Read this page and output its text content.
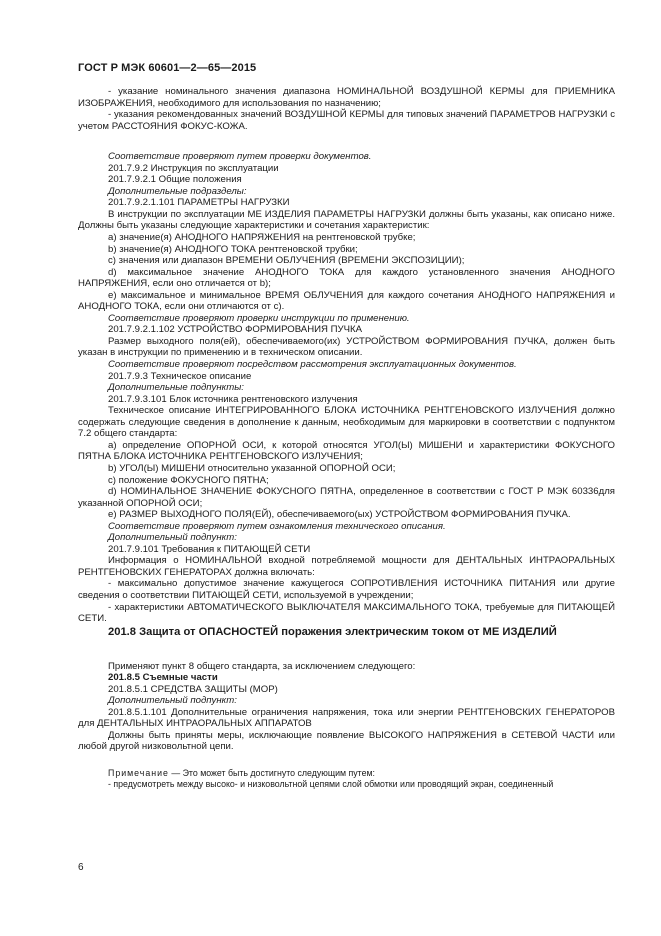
ГОСТ Р МЭК 60601—2—65—2015

- указание номинального значения диапазона НОМИНАЛЬНОЙ ВОЗДУШНОЙ КЕРМЫ для ПРИЕМНИКА ИЗОБРАЖЕНИЯ, необходимого для использования по назначению;

- указания рекомендованных значений ВОЗДУШНОЙ КЕРМЫ для типовых значений ПАРАМЕТРОВ НАГРУЗКИ с учетом РАССТОЯНИЯ ФОКУС-КОЖА.

Соответствие проверяют путем проверки документов.

201.7.9.2 Инструкция по эксплуатации

201.7.9.2.1 Общие положения

Дополнительные подразделы:

201.7.9.2.1.101 ПАРАМЕТРЫ НАГРУЗКИ

В инструкции по эксплуатации МЕ ИЗДЕЛИЯ ПАРАМЕТРЫ НАГРУЗКИ должны быть указаны, как описано ниже. Должны быть указаны следующие характеристики и сочетания характеристик:

a) значение(я) АНОДНОГО НАПРЯЖЕНИЯ на рентгеновской трубке;

b) значение(я) АНОДНОГО ТОКА рентгеновской трубки;

c) значения или диапазон ВРЕМЕНИ ОБЛУЧЕНИЯ (ВРЕМЕНИ ЭКСПОЗИЦИИ);

d) максимальное значение АНОДНОГО ТОКА для каждого установленного значения АНОДНОГО НАПРЯЖЕНИЯ, если оно отличается от b);

e) максимальное и минимальное ВРЕМЯ ОБЛУЧЕНИЯ для каждого сочетания АНОДНОГО НАПРЯЖЕНИЯ и АНОДНОГО ТОКА, если они отличаются от c).

Соответствие проверяют проверки инструкции по применению.

201.7.9.2.1.102 УСТРОЙСТВО ФОРМИРОВАНИЯ ПУЧКА

Размер выходного поля(ей), обеспечиваемого(их) УСТРОЙСТВОМ ФОРМИРОВАНИЯ ПУЧКА, должен быть указан в инструкции по применению и в техническом описании.

Соответствие проверяют посредством рассмотрения эксплуатационных документов.

201.7.9.3 Техническое описание

Дополнительные подпункты:

201.7.9.3.101 Блок источника рентгеновского излучения

Техническое описание ИНТЕГРИРОВАННОГО БЛОКА ИСТОЧНИКА РЕНТГЕНОВСКОГО ИЗЛУЧЕНИЯ должно содержать следующие сведения в дополнение к данным, необходимым для маркировки в соответствии с подпунктом 7.2 общего стандарта:

a) определение ОПОРНОЙ ОСИ, к которой относятся УГОЛ(Ы) МИШЕНИ и характеристики ФОКУСНОГО ПЯТНА БЛОКА ИСТОЧНИКА РЕНТГЕНОВСКОГО ИЗЛУЧЕНИЯ;

b) УГОЛ(Ы) МИШЕНИ относительно указанной ОПОРНОЙ ОСИ;

c) положение ФОКУСНОГО ПЯТНА;

d) НОМИНАЛЬНОЕ ЗНАЧЕНИЕ ФОКУСНОГО ПЯТНА, определенное в соответствии с ГОСТ Р МЭК 60336для указанной ОПОРНОЙ ОСИ;

e) РАЗМЕР ВЫХОДНОГО ПОЛЯ(ЕЙ), обеспечиваемого(ых) УСТРОЙСТВОМ ФОРМИРОВАНИЯ ПУЧКА.

Соответствие проверяют путем ознакомления технического описания.

Дополнительный подпункт:

201.7.9.101 Требования к ПИТАЮЩЕЙ СЕТИ

Информация о НОМИНАЛЬНОЙ входной потребляемой мощности для ДЕНТАЛЬНЫХ ИНТРАОРАЛЬНЫХ РЕНТГЕНОВСКИХ ГЕНЕРАТОРАХ должна включать:

- максимально допустимое значение кажущегося СОПРОТИВЛЕНИЯ ИСТОЧНИКА ПИТАНИЯ или другие сведения о соответствии ПИТАЮЩЕЙ СЕТИ, используемой в учреждении;

- характеристики АВТОМАТИЧЕСКОГО ВЫКЛЮЧАТЕЛЯ МАКСИМАЛЬНОГО ТОКА, требуемые для ПИТАЮЩЕЙ СЕТИ.

201.8 Защита от ОПАСНОСТЕЙ поражения электрическим током от МЕ ИЗДЕЛИЙ

Применяют пункт 8 общего стандарта, за исключением следующего:

201.8.5 Съемные части

201.8.5.1 СРЕДСТВА ЗАЩИТЫ (MOP)

Дополнительный подпункт:

201.8.5.1.101 Дополнительные ограничения напряжения, тока или энергии РЕНТГЕНОВСКИХ ГЕНЕРАТОРОВ для ДЕНТАЛЬНЫХ ИНТРАОРАЛЬНЫХ АППАРАТОВ

Должны быть приняты меры, исключающие появление ВЫСОКОГО НАПРЯЖЕНИЯ в СЕТЕВОЙ ЧАСТИ или любой другой низковольтной цепи.

Примечание — Это может быть достигнуто следующим путем:

- предусмотреть между высоко- и низковольтной цепями слой обмотки или проводящий экран, соединенный

6
